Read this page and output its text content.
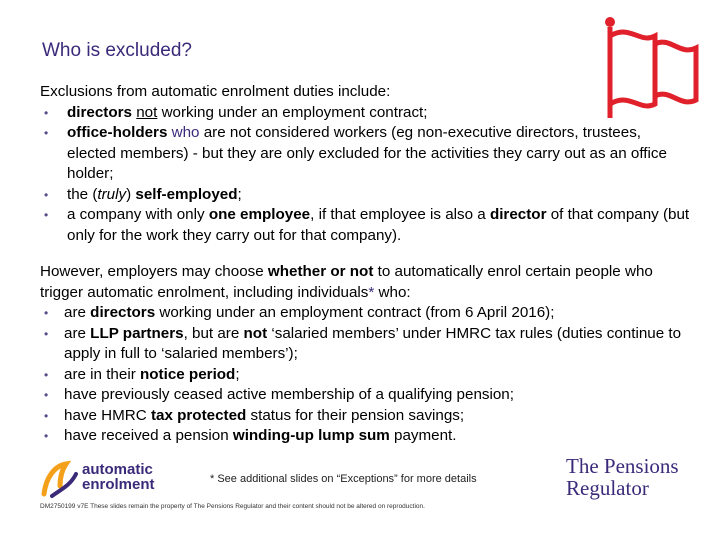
Who is excluded?

Exclusions from automatic enrolment duties include:

• directors not working under an employment contract;
• office-holders who are not considered workers (eg non-executive directors, trustees, elected members) - but they are only excluded for the activities they carry out as an office holder;
• the (truly) self-employed;
• a company with only one employee, if that employee is also a director of that company (but only for the work they carry out for that company).

However, employers may choose whether or not to automatically enrol certain people who trigger automatic enrolment, including individuals* who:

• are directors working under an employment contract (from 6 April 2016);
• are LLP partners, but are not ‘salaried members’ under HMRC tax rules (duties continue to apply in full to ‘salaried members’);
• are in their notice period;
• have previously ceased active membership of a qualifying pension;
• have HMRC tax protected status for their pension savings;
• have received a pension winding-up lump sum payment.
automatic
enrolment	* See additional slides on “Exceptions” for more details
The Pensions
Regulator
DM2750199 v7E These slides remain the property of The Pensions Regulator and their content should not be altered on reproduction.
